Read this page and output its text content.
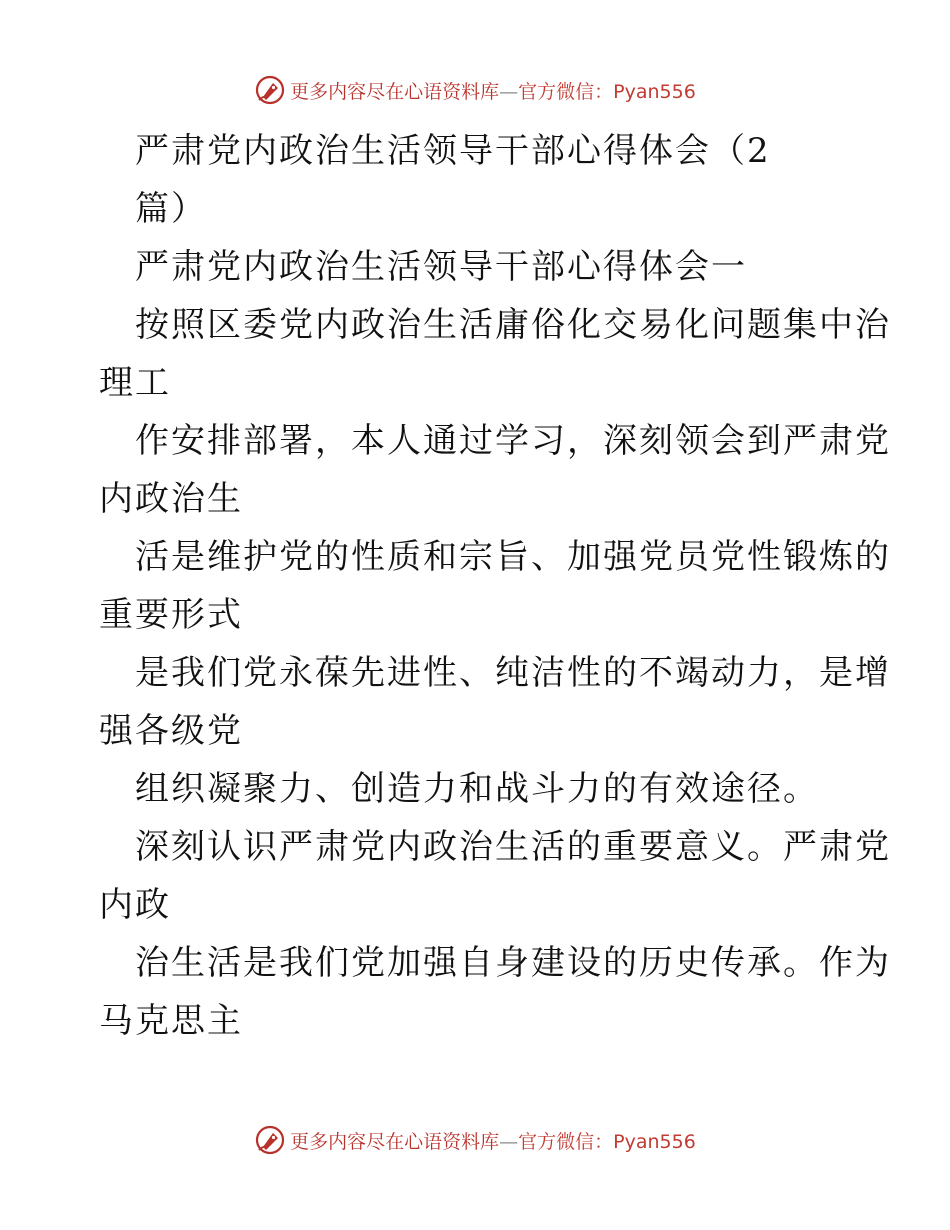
更多内容尽在心语资料库—官方微信：Pyan556
严肃党内政治生活领导干部心得体会（2
篇）
严肃党内政治生活领导干部心得体会一
按照区委党内政治生活庸俗化交易化问题集中治
理工
作安排部署，本人通过学习，深刻领会到严肃党
内政治生
活是维护党的性质和宗旨、加强党员党性锻炼的
重要形式
是我们党永葆先进性、纯洁性的不竭动力，是增
强各级党
组织凝聚力、创造力和战斗力的有效途径。
深刻认识严肃党内政治生活的重要意义。严肃党
内政
治生活是我们党加强自身建设的历史传承。作为
马克思主
更多内容尽在心语资料库—官方微信：Pyan556
